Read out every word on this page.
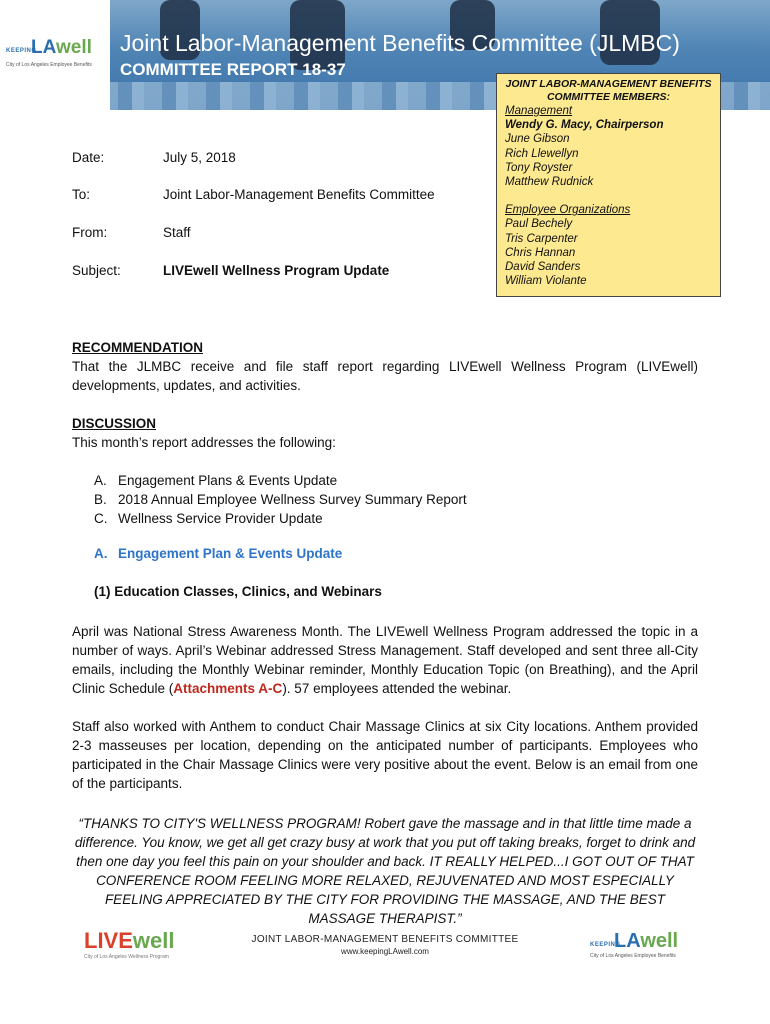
KEEPING
LAwell
City of Los Angeles Employee Benefits
Joint Labor-Management Benefits Committee (JLMBC)
COMMITTEE REPORT 18-37
JOINT LABOR-MANAGEMENT BENEFITS
COMMITTEE MEMBERS:
Management
Wendy G. Macy, Chairperson
June Gibson
Rich Llewellyn
Tony Royster
Matthew Rudnick
Employee Organizations
Paul Bechely
Tris Carpenter
Chris Hannan
David Sanders
William Violante
Date:	July 5, 2018
To:	Joint Labor-Management Benefits Committee
From:	Staff
Subject:	LIVEwell Wellness Program Update
RECOMMENDATION
That the JLMBC receive and file staff report regarding LIVEwell Wellness Program (LIVEwell) developments, updates, and activities.
DISCUSSION
This month’s report addresses the following:
A. Engagement Plans & Events Update
B. 2018 Annual Employee Wellness Survey Summary Report
C. Wellness Service Provider Update
A. Engagement Plan & Events Update
(1) Education Classes, Clinics, and Webinars
April was National Stress Awareness Month. The LIVEwell Wellness Program addressed the topic in a number of ways. April’s Webinar addressed Stress Management. Staff developed and sent three all-City emails, including the Monthly Webinar reminder, Monthly Education Topic (on Breathing), and the April Clinic Schedule (Attachments A-C). 57 employees attended the webinar.
Staff also worked with Anthem to conduct Chair Massage Clinics at six City locations. Anthem provided 2-3 masseuses per location, depending on the anticipated number of participants. Employees who participated in the Chair Massage Clinics were very positive about the event. Below is an email from one of the participants.
“THANKS TO CITY'S WELLNESS PROGRAM! Robert gave the massage and in that little time made a difference. You know, we get all get crazy busy at work that you put off taking breaks, forget to drink and then one day you feel this pain on your shoulder and back. IT REALLY HELPED...I GOT OUT OF THAT CONFERENCE ROOM FEELING MORE RELAXED, REJUVENATED AND MOST ESPECIALLY FEELING APPRECIATED BY THE CITY FOR PROVIDING THE MASSAGE, AND THE BEST MASSAGE THERAPIST.”
LIVEwell
City of Los Angeles Wellness Program
JOINT LABOR-MANAGEMENT BENEFITS COMMITTEE
www.keepingLAwell.com
KEEPING
LAwell
City of Los Angeles Employee Benefits
